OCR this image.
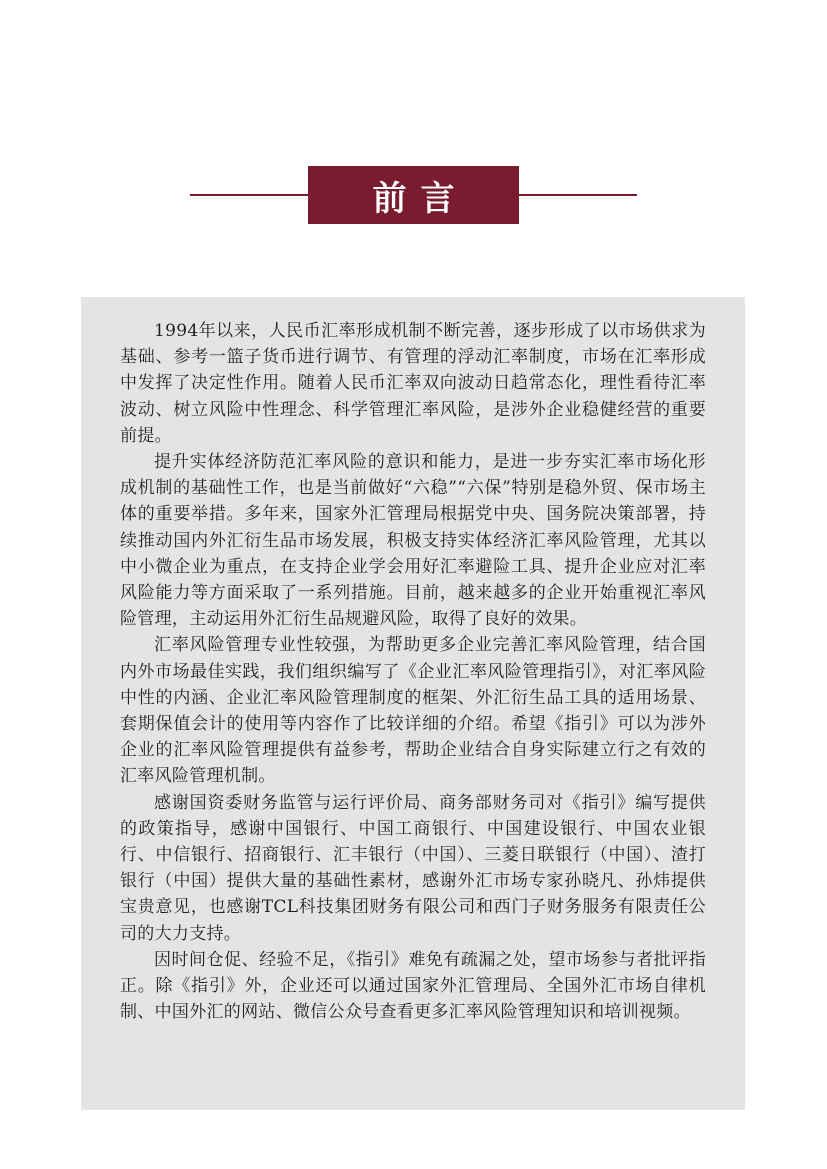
前言

1994年以来，人民币汇率形成机制不断完善，逐步形成了以市场供求为基础、参考一篮子货币进行调节、有管理的浮动汇率制度，市场在汇率形成中发挥了决定性作用。随着人民币汇率双向波动日趋常态化，理性看待汇率波动、树立风险中性理念、科学管理汇率风险，是涉外企业稳健经营的重要前提。

提升实体经济防范汇率风险的意识和能力，是进一步夯实汇率市场化形成机制的基础性工作，也是当前做好“六稳”“六保”特别是稳外贸、保市场主体的重要举措。多年来，国家外汇管理局根据党中央、国务院决策部署，持续推动国内外汇衍生品市场发展，积极支持实体经济汇率风险管理，尤其以中小微企业为重点，在支持企业学会用好汇率避险工具、提升企业应对汇率风险能力等方面采取了一系列措施。目前，越来越多的企业开始重视汇率风险管理，主动运用外汇衍生品规避风险，取得了良好的效果。

汇率风险管理专业性较强，为帮助更多企业完善汇率风险管理，结合国内外市场最佳实践，我们组织编写了《企业汇率风险管理指引》，对汇率风险中性的内涵、企业汇率风险管理制度的框架、外汇衍生品工具的适用场景、套期保值会计的使用等内容作了比较详细的介绍。希望《指引》可以为涉外企业的汇率风险管理提供有益参考，帮助企业结合自身实际建立行之有效的汇率风险管理机制。

感谢国资委财务监管与运行评价局、商务部财务司对《指引》编写提供的政策指导，感谢中国银行、中国工商银行、中国建设银行、中国农业银行、中信银行、招商银行、汇丰银行（中国）、三菱日联银行（中国）、渣打银行（中国）提供大量的基础性素材，感谢外汇市场专家孙晓凡、孙炜提供宝贵意见，也感谢TCL科技集团财务有限公司和西门子财务服务有限责任公司的大力支持。

因时间仓促、经验不足，《指引》难免有疏漏之处，望市场参与者批评指正。除《指引》外，企业还可以通过国家外汇管理局、全国外汇市场自律机制、中国外汇的网站、微信公众号查看更多汇率风险管理知识和培训视频。
